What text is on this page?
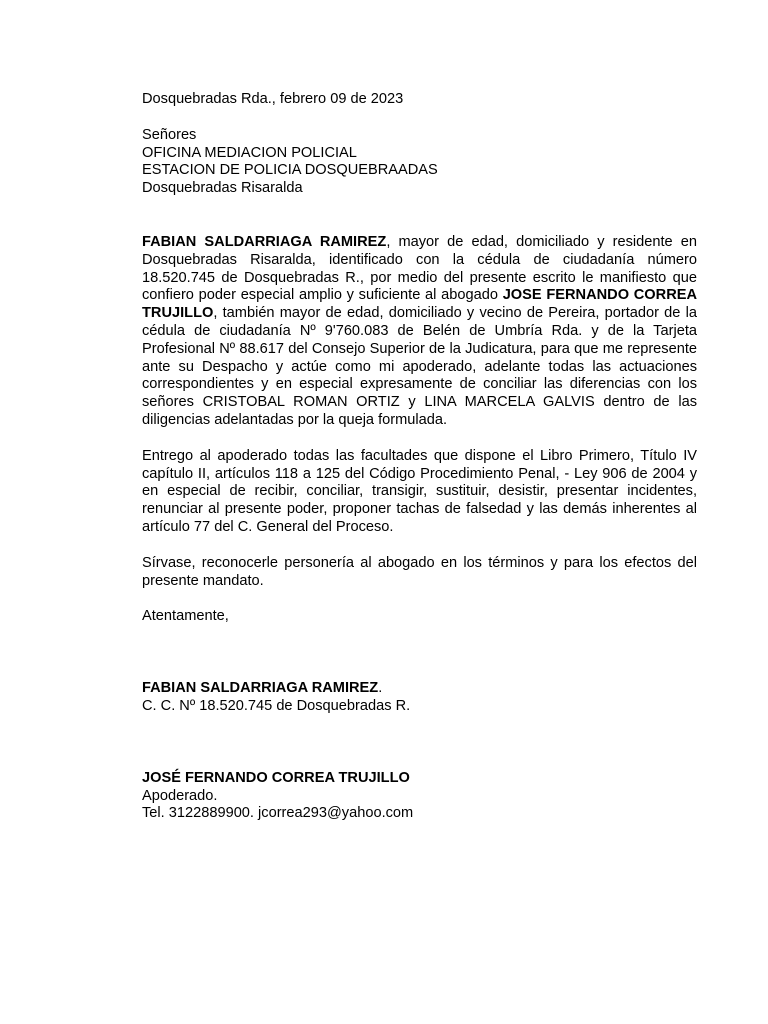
Dosquebradas Rda., febrero 09 de 2023
Señores
OFICINA MEDIACION POLICIAL
ESTACION DE POLICIA DOSQUEBRAADAS
Dosquebradas Risaralda

FABIAN SALDARRIAGA RAMIREZ, mayor de edad, domiciliado y residente en Dosquebradas Risaralda, identificado con la cédula de ciudadanía número 18.520.745 de Dosquebradas R., por medio del presente escrito le manifiesto que confiero poder especial amplio y suficiente al abogado JOSE FERNANDO CORREA TRUJILLO, también mayor de edad, domiciliado y vecino de Pereira, portador de la cédula de ciudadanía Nº 9'760.083 de Belén de Umbría Rda. y de la Tarjeta Profesional Nº 88.617 del Consejo Superior de la Judicatura, para que me represente ante su Despacho y actúe como mi apoderado, adelante todas las actuaciones correspondientes y en especial expresamente de conciliar las diferencias con los señores CRISTOBAL ROMAN ORTIZ y LINA MARCELA GALVIS dentro de las diligencias adelantadas por la queja formulada.

Entrego al apoderado todas las facultades que dispone el Libro Primero, Título IV capítulo II, artículos 118 a 125 del Código Procedimiento Penal, - Ley 906 de 2004 y en especial de recibir, conciliar, transigir, sustituir, desistir, presentar incidentes, renunciar al presente poder, proponer tachas de falsedad y las demás inherentes al artículo 77 del C. General del Proceso.

Sírvase, reconocerle personería al abogado en los términos y para los efectos del presente mandato.

Atentamente,
FABIAN SALDARRIAGA RAMIREZ.
C. C. Nº 18.520.745 de Dosquebradas R.
JOSÉ FERNANDO CORREA TRUJILLO
Apoderado.
Tel. 3122889900. jcorrea293@yahoo.com
